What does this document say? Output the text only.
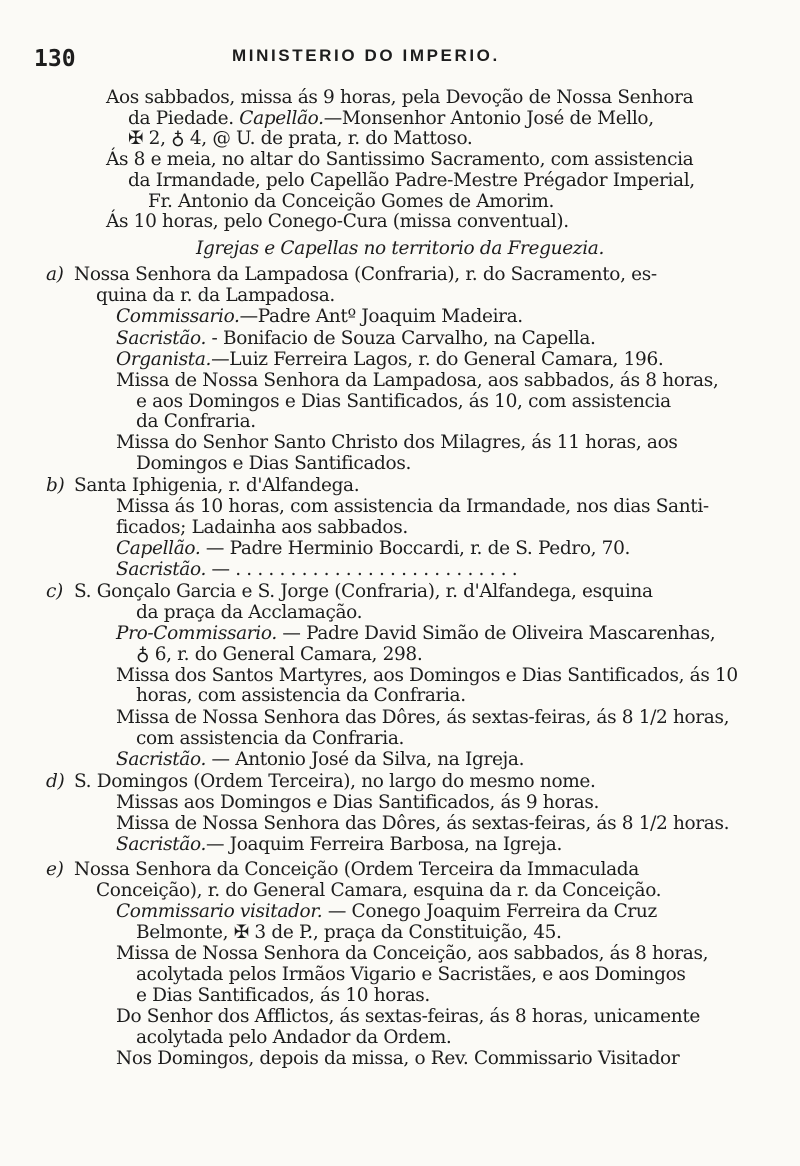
130	MINISTERIO DO IMPERIO.
Aos sabbados, missa ás 9 horas, pela Devoção de Nossa Senhora
da Piedade. Capellão.—Monsenhor Antonio José de Mello,
✠ 2, ♁ 4, @ U. de prata, r. do Mattoso.
Ás 8 e meia, no altar do Santissimo Sacramento, com assistencia
da Irmandade, pelo Capellão Padre-Mestre Prégador Imperial,
Fr. Antonio da Conceição Gomes de Amorim.
Ás 10 horas, pelo Conego-Cura (missa conventual).
Igrejas e Capellas no territorio da Freguezia.
a) Nossa Senhora da Lampadosa (Confraria), r. do Sacramento, es-
quina da r. da Lampadosa.
Commissario.—Padre Antº Joaquim Madeira.
Sacristão. - Bonifacio de Souza Carvalho, na Capella.
Organista.—Luiz Ferreira Lagos, r. do General Camara, 196.
Missa de Nossa Senhora da Lampadosa, aos sabbados, ás 8 horas,
e aos Domingos e Dias Santificados, ás 10, com assistencia
da Confraria.
Missa do Senhor Santo Christo dos Milagres, ás 11 horas, aos
Domingos e Dias Santificados.
b) Santa Iphigenia, r. d'Alfandega.
Missa ás 10 horas, com assistencia da Irmandade, nos dias Santi-
ficados; Ladainha aos sabbados.
Capellão. — Padre Herminio Boccardi, r. de S. Pedro, 70.
Sacristão. — . . . . . . . . . . . . . . . . . . . . . . . . . .
c) S. Gonçalo Garcia e S. Jorge (Confraria), r. d'Alfandega, esquina
da praça da Acclamação.
Pro-Commissario. — Padre David Simão de Oliveira Mascarenhas,
♁ 6, r. do General Camara, 298.
Missa dos Santos Martyres, aos Domingos e Dias Santificados, ás 10
horas, com assistencia da Confraria.
Missa de Nossa Senhora das Dôres, ás sextas-feiras, ás 8 1/2 horas,
com assistencia da Confraria.
Sacristão. — Antonio José da Silva, na Igreja.
d) S. Domingos (Ordem Terceira), no largo do mesmo nome.
Missas aos Domingos e Dias Santificados, ás 9 horas.
Missa de Nossa Senhora das Dôres, ás sextas-feiras, ás 8 1/2 horas.
Sacristão.— Joaquim Ferreira Barbosa, na Igreja.
e) Nossa Senhora da Conceição (Ordem Terceira da Immaculada
Conceição), r. do General Camara, esquina da r. da Conceição.
Commissario visitador. — Conego Joaquim Ferreira da Cruz
Belmonte, ✠ 3 de P., praça da Constituição, 45.
Missa de Nossa Senhora da Conceição, aos sabbados, ás 8 horas,
acolytada pelos Irmãos Vigario e Sacristães, e aos Domingos
e Dias Santificados, ás 10 horas.
Do Senhor dos Afflictos, ás sextas-feiras, ás 8 horas, unicamente
acolytada pelo Andador da Ordem.
Nos Domingos, depois da missa, o Rev. Commissario Visitador
